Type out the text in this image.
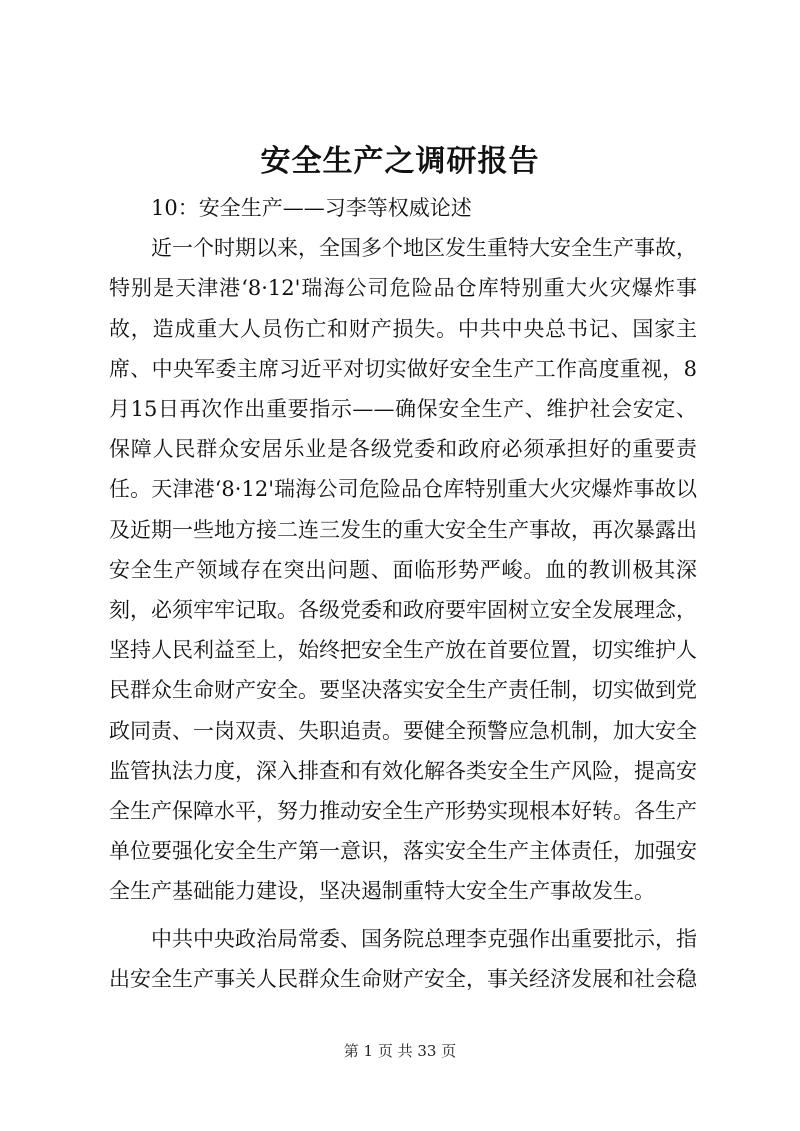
安全生产之调研报告

10：安全生产——习李等权威论述

近一个时期以来，全国多个地区发生重特大安全生产事故，特别是天津港‘8·12'瑞海公司危险品仓库特别重大火灾爆炸事故，造成重大人员伤亡和财产损失。中共中央总书记、国家主席、中央军委主席习近平对切实做好安全生产工作高度重视，8月15日再次作出重要指示——确保安全生产、维护社会安定、保障人民群众安居乐业是各级党委和政府必须承担好的重要责任。天津港‘8·12'瑞海公司危险品仓库特别重大火灾爆炸事故以及近期一些地方接二连三发生的重大安全生产事故，再次暴露出安全生产领域存在突出问题、面临形势严峻。血的教训极其深刻，必须牢牢记取。各级党委和政府要牢固树立安全发展理念，坚持人民利益至上，始终把安全生产放在首要位置，切实维护人民群众生命财产安全。要坚决落实安全生产责任制，切实做到党政同责、一岗双责、失职追责。要健全预警应急机制，加大安全监管执法力度，深入排查和有效化解各类安全生产风险，提高安全生产保障水平，努力推动安全生产形势实现根本好转。各生产单位要强化安全生产第一意识，落实安全生产主体责任，加强安全生产基础能力建设，坚决遏制重特大安全生产事故发生。

中共中央政治局常委、国务院总理李克强作出重要批示，指出安全生产事关人民群众生命财产安全，事关经济发展和社会稳

第 1 页 共 33 页
